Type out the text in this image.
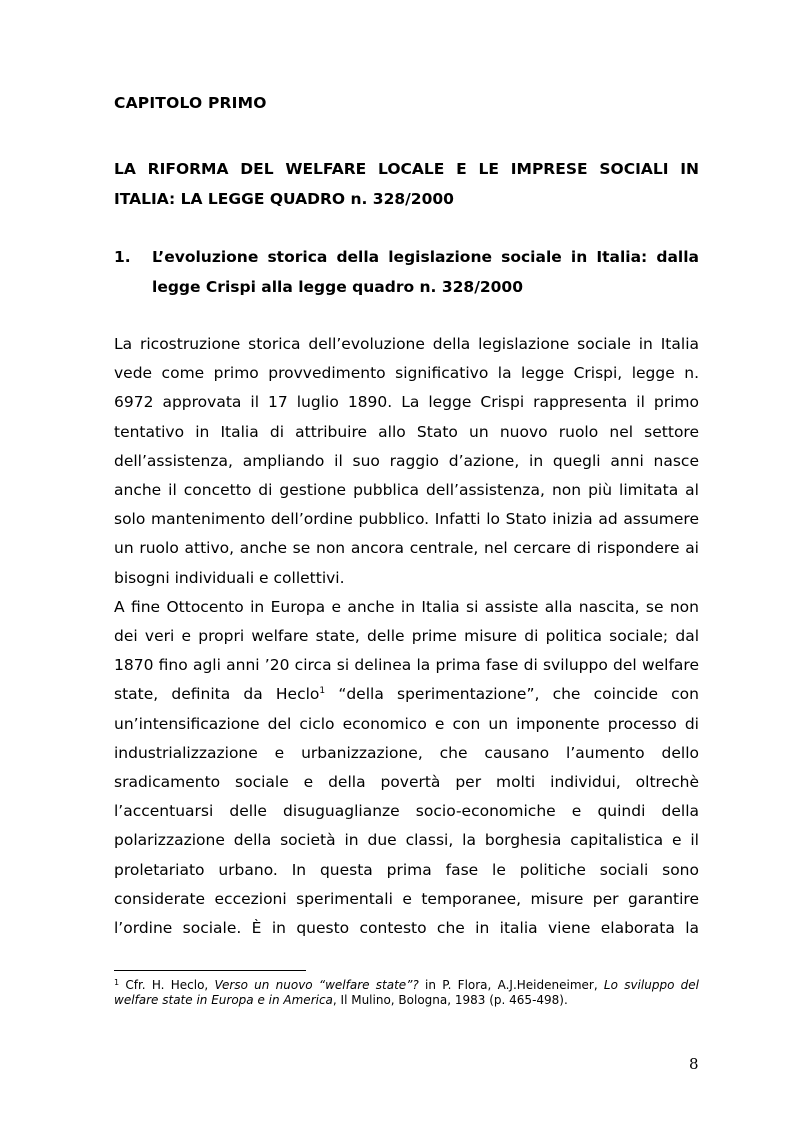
CAPITOLO PRIMO
LA RIFORMA DEL WELFARE LOCALE E LE IMPRESE SOCIALI IN ITALIA: LA LEGGE QUADRO n. 328/2000
1. L’evoluzione storica della legislazione sociale in Italia: dalla legge Crispi alla legge quadro n. 328/2000

La ricostruzione storica dell’evoluzione della legislazione sociale in Italia vede come primo provvedimento significativo la legge Crispi, legge n. 6972 approvata il 17 luglio 1890. La legge Crispi rappresenta il primo tentativo in Italia di attribuire allo Stato un nuovo ruolo nel settore dell’assistenza, ampliando il suo raggio d’azione, in quegli anni nasce anche il concetto di gestione pubblica dell’assistenza, non più limitata al solo mantenimento dell’ordine pubblico. Infatti lo Stato inizia ad assumere un ruolo attivo, anche se non ancora centrale, nel cercare di rispondere ai bisogni individuali e collettivi.

A fine Ottocento in Europa e anche in Italia si assiste alla nascita, se non dei veri e propri welfare state, delle prime misure di politica sociale; dal 1870 fino agli anni ’20 circa si delinea la prima fase di sviluppo del welfare state, definita da Heclo$^1$ “della sperimentazione”, che coincide con un’intensificazione del ciclo economico e con un imponente processo di industrializzazione e urbanizzazione, che causano l’aumento dello sradicamento sociale e della povertà per molti individui, oltrechè l’accentuarsi delle disuguaglianze socio-economiche e quindi della polarizzazione della società in due classi, la borghesia capitalistica e il proletariato urbano. In questa prima fase le politiche sociali sono considerate eccezioni sperimentali e temporanee, misure per garantire l’ordine sociale. È in questo contesto che in italia viene elaborata la

$^1$ Cfr. H. Heclo, Verso un nuovo “welfare state”? in P. Flora, A.J.Heideneimer, Lo sviluppo del welfare state in Europa e in America, Il Mulino, Bologna, 1983 (p. 465-498).
8
